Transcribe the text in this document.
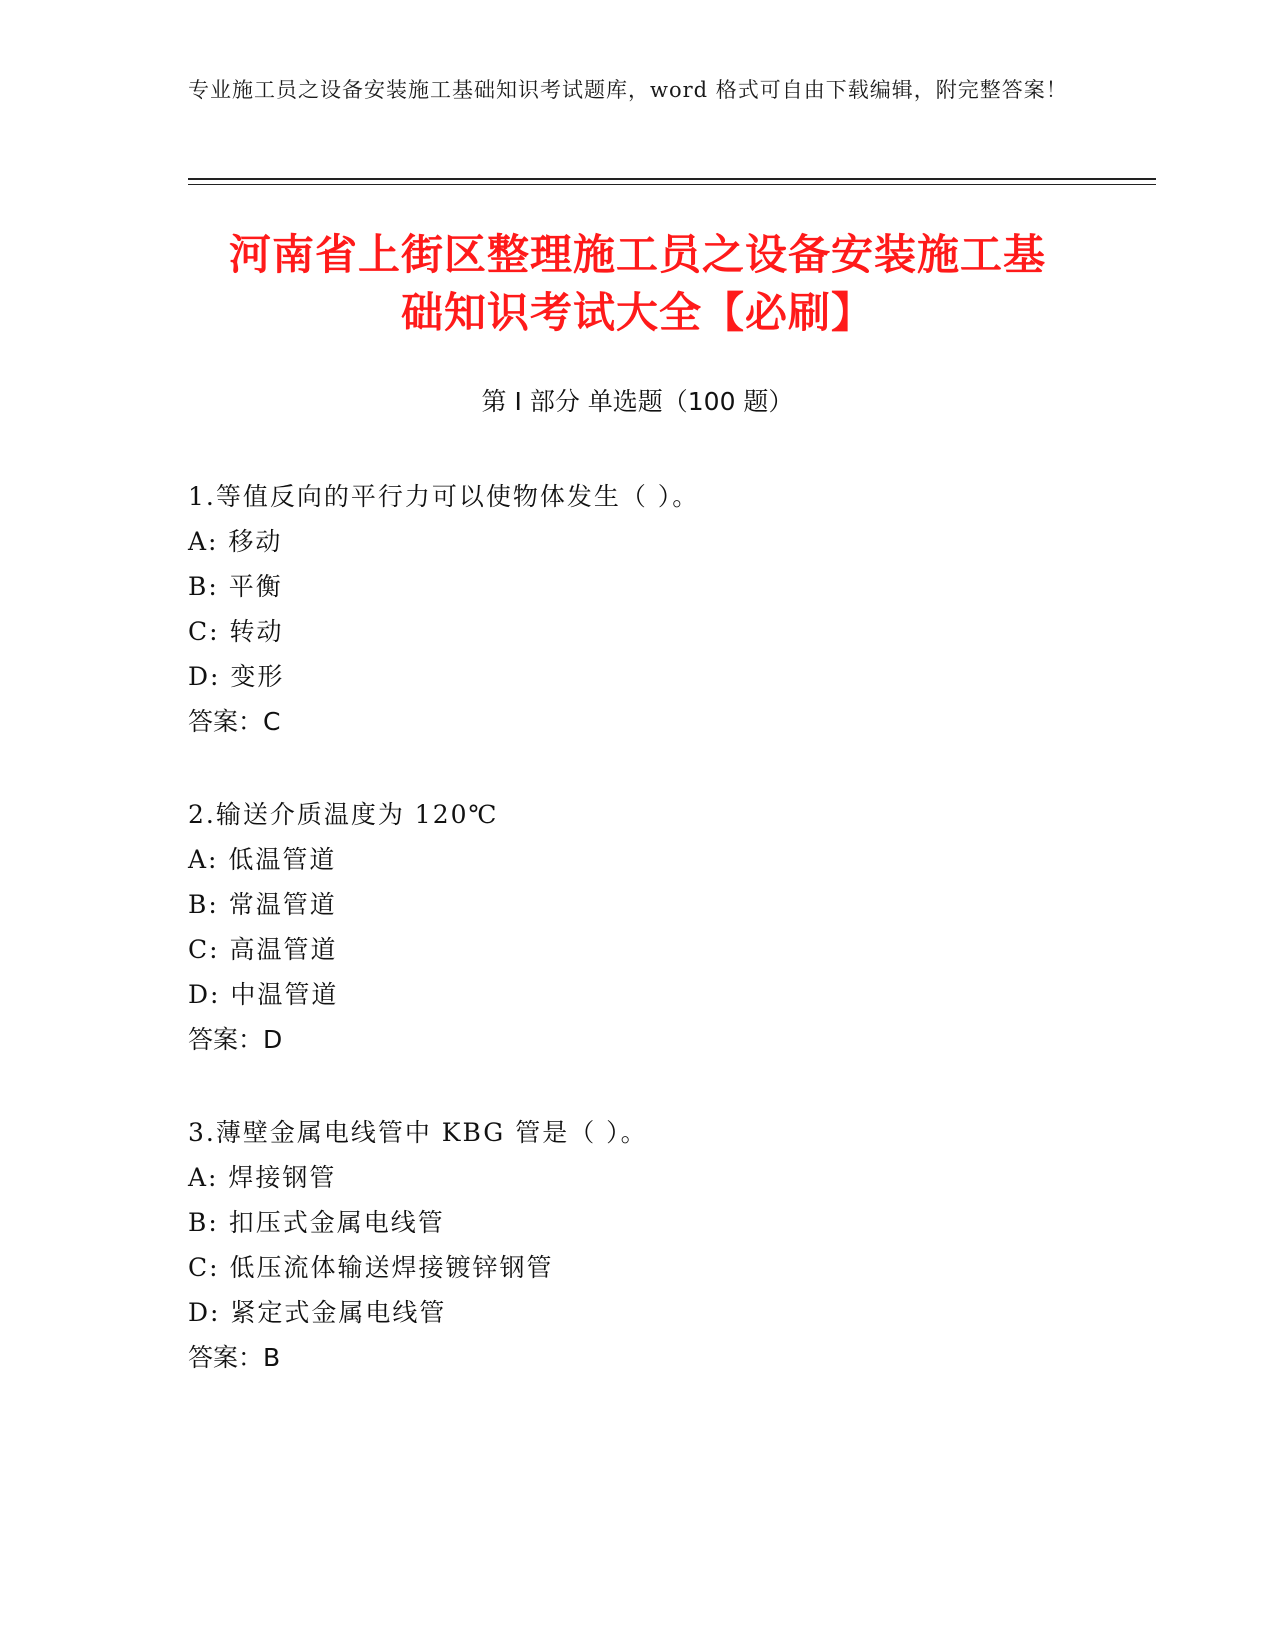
专业施工员之设备安装施工基础知识考试题库，word 格式可自由下载编辑，附完整答案！
河南省上街区整理施工员之设备安装施工基
础知识考试大全【必刷】
第 I 部分 单选题（100 题）
1.等值反向的平行力可以使物体发生（ ）。
A: 移动
B: 平衡
C: 转动
D: 变形
答案：C
2.输送介质温度为 120℃
A: 低温管道
B: 常温管道
C: 高温管道
D: 中温管道
答案：D
3.薄壁金属电线管中 KBG 管是（ ）。
A: 焊接钢管
B: 扣压式金属电线管
C: 低压流体输送焊接镀锌钢管
D: 紧定式金属电线管
答案：B
